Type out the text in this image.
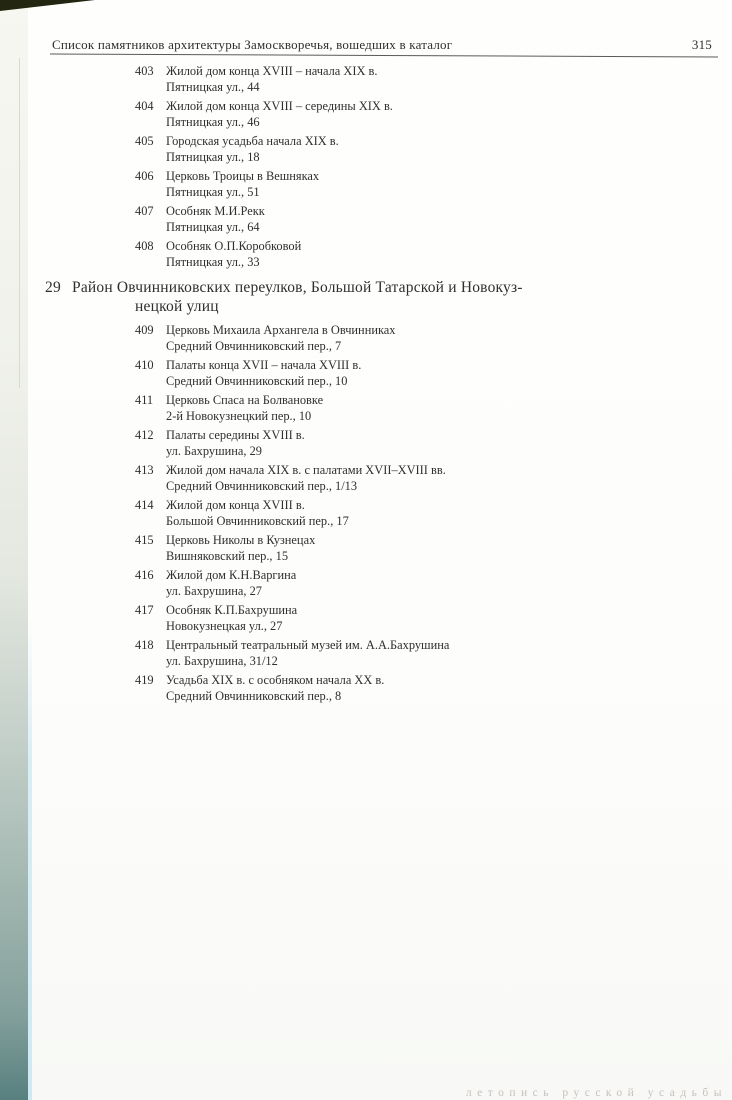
Список памятников архитектуры Замоскворечья, вошедших в каталог	315
403	Жилой дом конца XVIII – начала XIX в.
Пятницкая ул., 44
404	Жилой дом конца XVIII – середины XIX в.
Пятницкая ул., 46
405	Городская усадьба начала XIX в.
Пятницкая ул., 18
406	Церковь Троицы в Вешняках
Пятницкая ул., 51
407	Особняк М.И.Рекк
Пятницкая ул., 64
408	Особняк О.П.Коробковой
Пятницкая ул., 33
29 Район Овчинниковских переулков, Большой Татарской и Новокуз-
нецкой улиц
409	Церковь Михаила Архангела в Овчинниках
Средний Овчинниковский пер., 7
410	Палаты конца XVII – начала XVIII в.
Средний Овчинниковский пер., 10
411	Церковь Спаса на Болвановке
2-й Новокузнецкий пер., 10
412	Палаты середины XVIII в.
ул. Бахрушина, 29
413	Жилой дом начала XIX в. с палатами XVII–XVIII вв.
Средний Овчинниковский пер., 1/13
414	Жилой дом конца XVIII в.
Большой Овчинниковский пер., 17
415	Церковь Николы в Кузнецах
Вишняковский пер., 15
416	Жилой дом К.Н.Варгина
ул. Бахрушина, 27
417	Особняк К.П.Бахрушина
Новокузнецкая ул., 27
418	Центральный театральный музей им. А.А.Бахрушина
ул. Бахрушина, 31/12
419	Усадьба XIX в. с особняком начала XX в.
Средний Овчинниковский пер., 8
летопись русской усадьбы
